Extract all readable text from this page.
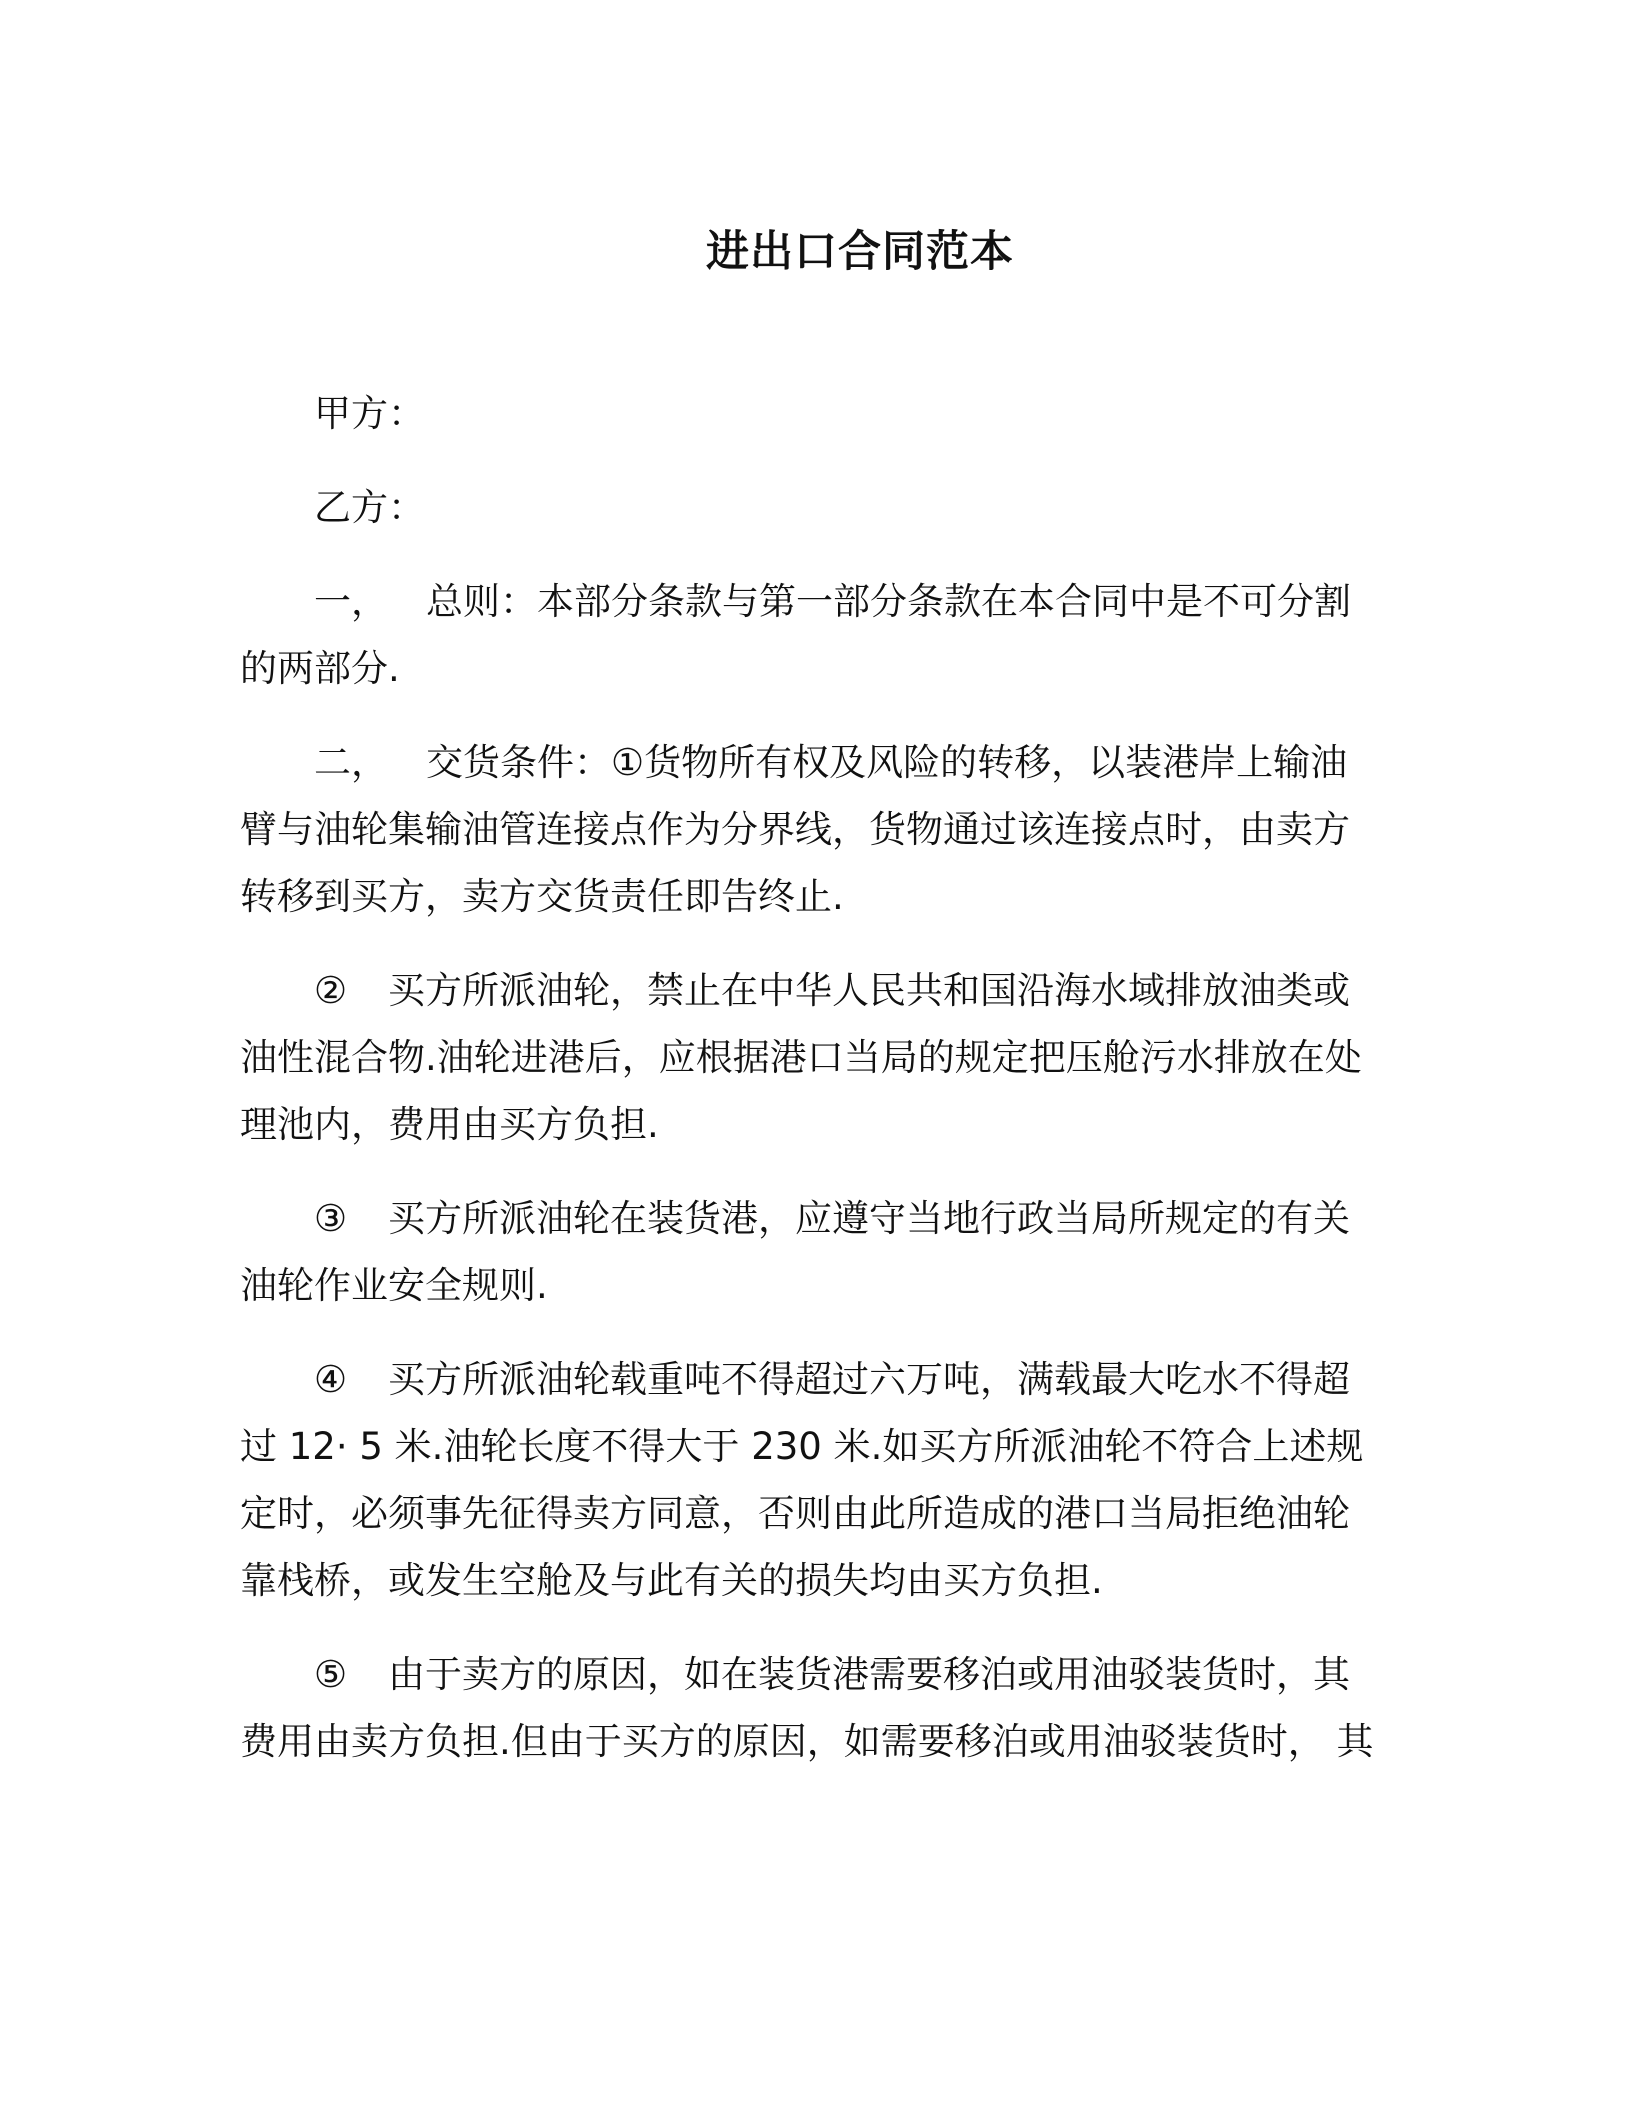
进出口合同范本
甲方：
乙方：
一， 总则：本部分条款与第一部分条款在本合同中是不可分割
的两部分.
二， 交货条件：①货物所有权及风险的转移，以装港岸上输油
臂与油轮集输油管连接点作为分界线，货物通过该连接点时，由卖方
转移到买方，卖方交货责任即告终止.
② 买方所派油轮，禁止在中华人民共和国沿海水域排放油类或
油性混合物.油轮进港后，应根据港口当局的规定把压舱污水排放在处
理池内，费用由买方负担.
③ 买方所派油轮在装货港，应遵守当地行政当局所规定的有关
油轮作业安全规则.
④ 买方所派油轮载重吨不得超过六万吨，满载最大吃水不得超
过 12· 5 米.油轮长度不得大于 230 米.如买方所派油轮不符合上述规
定时，必须事先征得卖方同意，否则由此所造成的港口当局拒绝油轮
靠栈桥，或发生空舱及与此有关的损失均由买方负担.
⑤ 由于卖方的原因，如在装货港需要移泊或用油驳装货时，其
费用由卖方负担.但由于买方的原因，如需要移泊或用油驳装货时， 其
